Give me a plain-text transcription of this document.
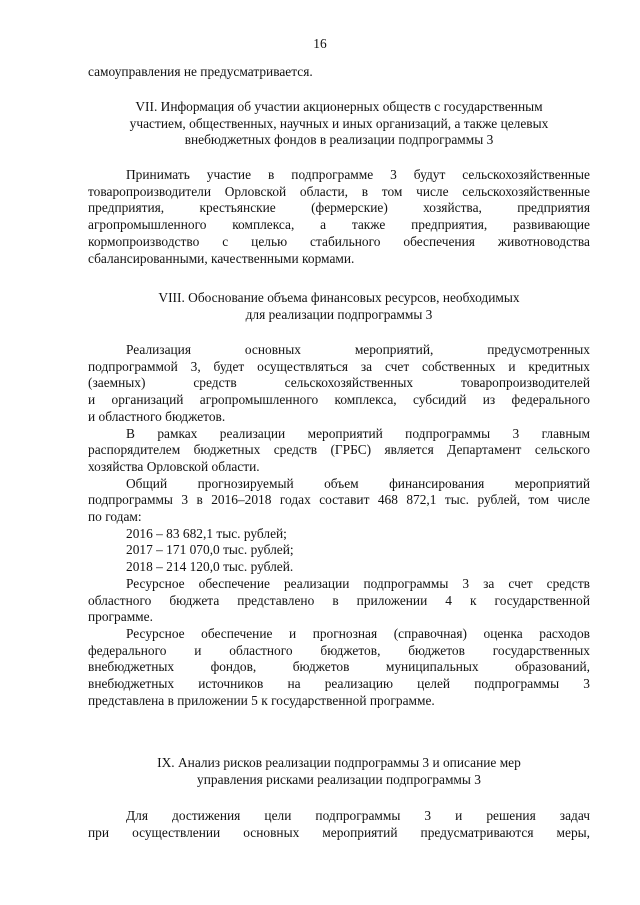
16

самоуправления не предусматривается.

VII. Информация об участии акционерных обществ с государственным

участием, общественных, научных и иных организаций, а также целевых

внебюджетных фондов в реализации подпрограммы 3

Принимать участие в подпрограмме 3 будут сельскохозяйственные

товаропроизводители Орловской области, в том числе сельскохозяйственные

предприятия, крестьянские (фермерские) хозяйства, предприятия

агропромышленного комплекса, а также предприятия, развивающие

кормопроизводство с целью стабильного обеспечения животноводства

сбалансированными, качественными кормами.

VIII. Обоснование объема финансовых ресурсов, необходимых

для реализации подпрограммы 3

Реализация основных мероприятий, предусмотренных

подпрограммой 3, будет осуществляться за счет собственных и кредитных

(заемных) средств сельскохозяйственных товаропроизводителей

и организаций агропромышленного комплекса, субсидий из федерального

и областного бюджетов.

В рамках реализации мероприятий подпрограммы 3 главным

распорядителем бюджетных средств (ГРБС) является Департамент сельского

хозяйства Орловской области.

Общий прогнозируемый объем финансирования мероприятий

подпрограммы 3 в 2016–2018 годах составит 468 872,1 тыс. рублей, том числе

по годам:

2016 – 83 682,1 тыс. рублей;

2017 – 171 070,0 тыс. рублей;

2018 – 214 120,0 тыс. рублей.

Ресурсное обеспечение реализации подпрограммы 3 за счет средств

областного бюджета представлено в приложении 4 к государственной

программе.

Ресурсное обеспечение и прогнозная (справочная) оценка расходов

федерального и областного бюджетов, бюджетов государственных

внебюджетных фондов, бюджетов муниципальных образований,

внебюджетных источников на реализацию целей подпрограммы 3

представлена в приложении 5 к государственной программе.

IX. Анализ рисков реализации подпрограммы 3 и описание мер

управления рисками реализации подпрограммы 3

Для достижения цели подпрограммы 3 и решения задач

при осуществлении основных мероприятий предусматриваются меры,
